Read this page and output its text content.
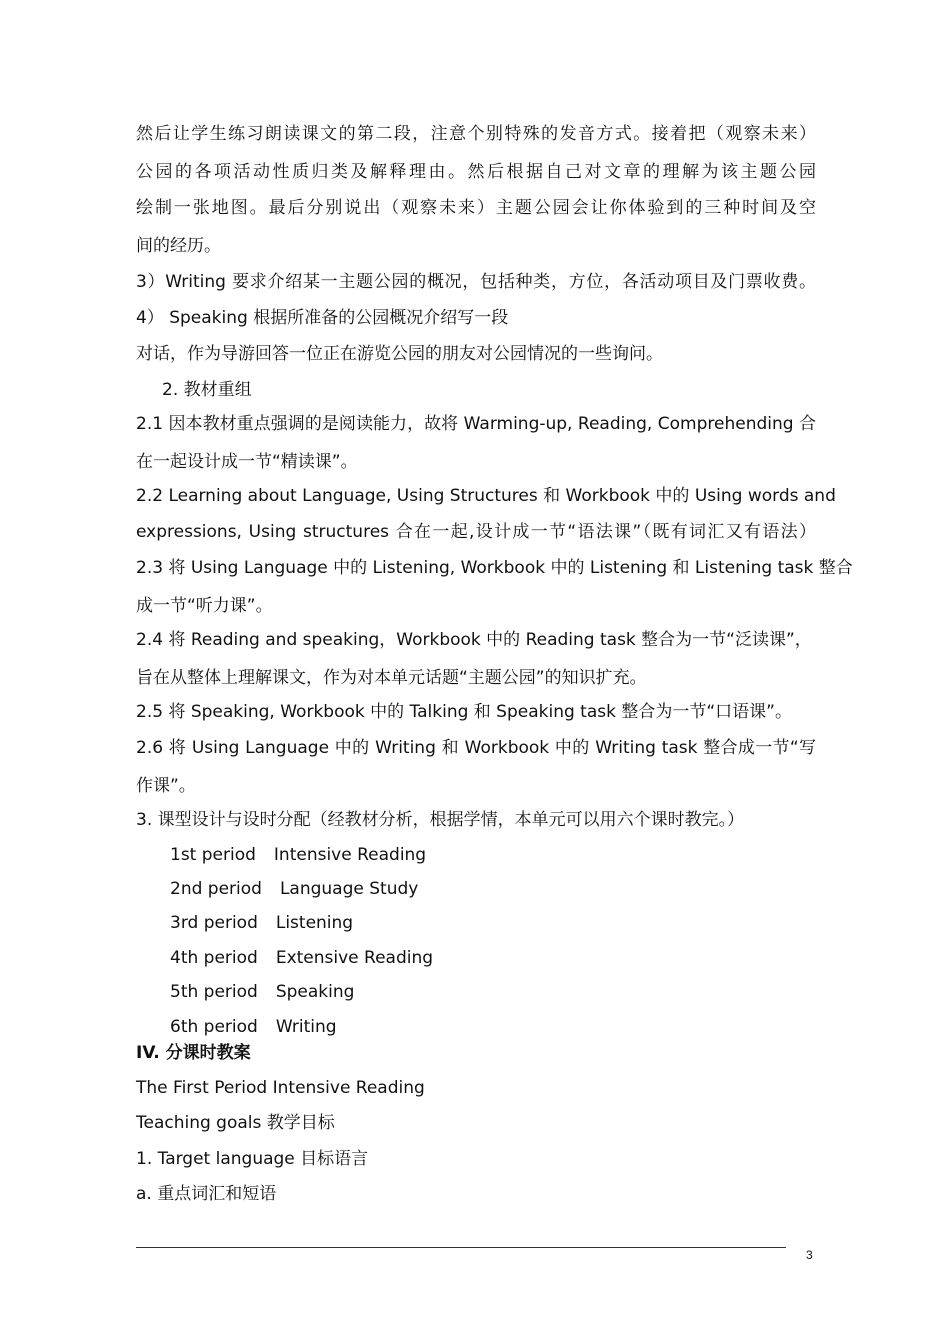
然后让学生练习朗读课文的第二段，注意个别特殊的发音方式。接着把（观察未来）
公园的各项活动性质归类及解释理由。然后根据自己对文章的理解为该主题公园
绘制一张地图。最后分别说出（观察未来）主题公园会让你体验到的三种时间及空
间的经历。
3）Writing 要求介绍某一主题公园的概况，包括种类，方位，各活动项目及门票收费。
4） Speaking 根据所准备的公园概况介绍写一段
对话，作为导游回答一位正在游览公园的朋友对公园情况的一些询问。
2. 教材重组
2.1 因本教材重点强调的是阅读能力，故将 Warming-up, Reading, Comprehending 合
在一起设计成一节“精读课”。
2.2 Learning about Language, Using Structures 和 Workbook 中的 Using words and
expressions, Using structures 合在一起,设计成一节“语法课”（既有词汇又有语法）
2.3 将 Using Language 中的 Listening, Workbook 中的 Listening 和 Listening task 整合
成一节“听力课”。
2.4 将 Reading and speaking，Workbook 中的 Reading task 整合为一节“泛读课”，
旨在从整体上理解课文，作为对本单元话题“主题公园”的知识扩充。
2.5 将 Speaking, Workbook 中的 Talking 和 Speaking task 整合为一节“口语课”。
2.6 将 Using Language 中的 Writing 和 Workbook 中的 Writing task 整合成一节“写
作课”。
3. 课型设计与设时分配（经教材分析，根据学情，本单元可以用六个课时教完。）
1st period Intensive Reading
2nd period Language Study
3rd period Listening
4th period Extensive Reading
5th period Speaking
6th period Writing
IV. 分课时教案
The First Period Intensive Reading
Teaching goals 教学目标
1. Target language 目标语言
a. 重点词汇和短语
3
